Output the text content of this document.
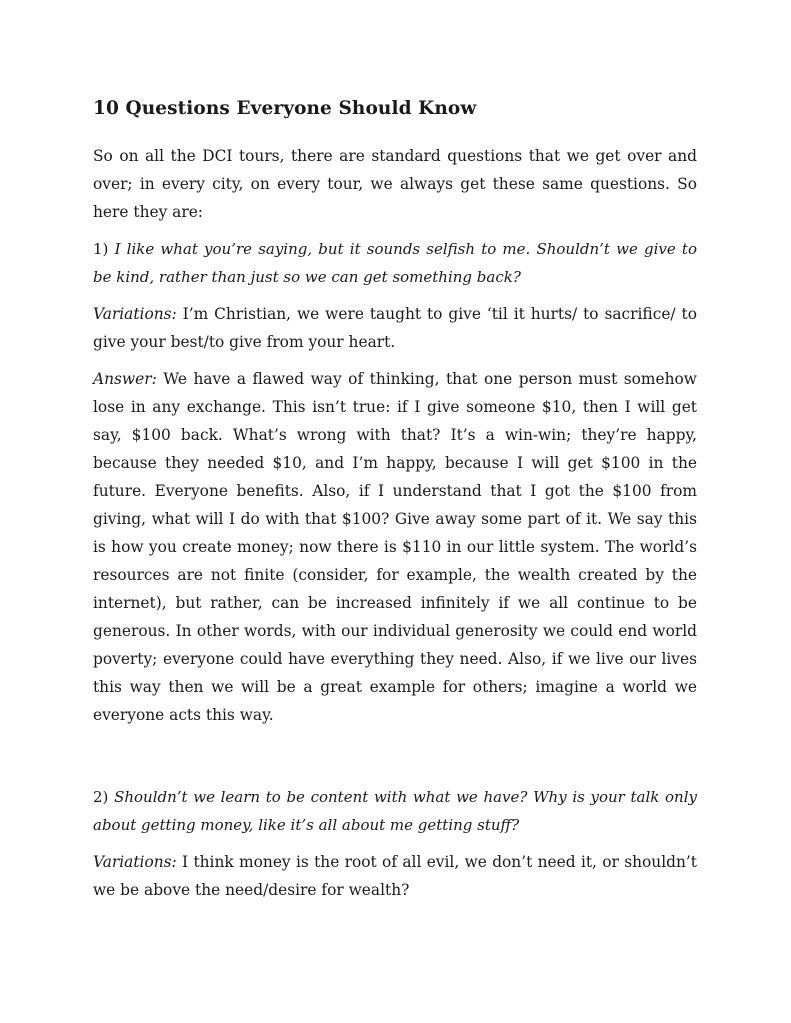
10 Questions Everyone Should Know

So on all the DCI tours, there are standard questions that we get over and over; in every city, on every tour, we always get these same questions. So here they are:

1) I like what you’re saying, but it sounds selfish to me. Shouldn’t we give to be kind, rather than just so we can get something back?

Variations: I’m Christian, we were taught to give ‘til it hurts/ to sacrifice/ to give your best/to give from your heart.

Answer: We have a flawed way of thinking, that one person must somehow lose in any exchange. This isn’t true: if I give someone $10, then I will get say, $100 back. What’s wrong with that? It’s a win-win; they’re happy, because they needed $10, and I’m happy, because I will get $100 in the future. Everyone benefits. Also, if I understand that I got the $100 from giving, what will I do with that $100? Give away some part of it. We say this is how you create money; now there is $110 in our little system. The world’s resources are not finite (consider, for example, the wealth created by the internet), but rather, can be increased infinitely if we all continue to be generous. In other words, with our individual generosity we could end world poverty; everyone could have everything they need. Also, if we live our lives this way then we will be a great example for others; imagine a world we everyone acts this way.

2) Shouldn’t we learn to be content with what we have? Why is your talk only about getting money, like it’s all about me getting stuff?

Variations: I think money is the root of all evil, we don’t need it, or shouldn’t we be above the need/desire for wealth?
